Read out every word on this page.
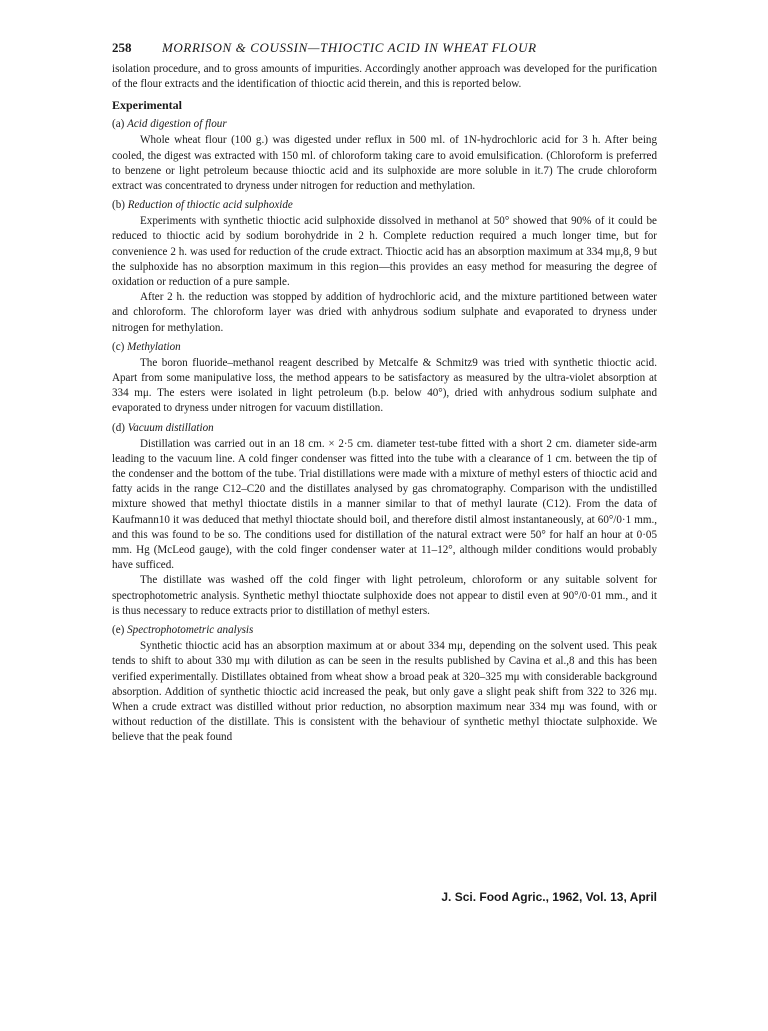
258	MORRISON & COUSSIN—THIOCTIC ACID IN WHEAT FLOUR

isolation procedure, and to gross amounts of impurities. Accordingly another approach was developed for the purification of the flour extracts and the identification of thioctic acid therein, and this is reported below.

Experimental
(a) Acid digestion of flour

Whole wheat flour (100 g.) was digested under reflux in 500 ml. of 1N-hydrochloric acid for 3 h. After being cooled, the digest was extracted with 150 ml. of chloroform taking care to avoid emulsification. (Chloroform is preferred to benzene or light petroleum because thioctic acid and its sulphoxide are more soluble in it.7) The crude chloroform extract was concentrated to dryness under nitrogen for reduction and methylation.

(b) Reduction of thioctic acid sulphoxide

Experiments with synthetic thioctic acid sulphoxide dissolved in methanol at 50° showed that 90% of it could be reduced to thioctic acid by sodium borohydride in 2 h. Complete reduction required a much longer time, but for convenience 2 h. was used for reduction of the crude extract. Thioctic acid has an absorption maximum at 334 mμ,8, 9 but the sulphoxide has no absorption maximum in this region—this provides an easy method for measuring the degree of oxidation or reduction of a pure sample.

After 2 h. the reduction was stopped by addition of hydrochloric acid, and the mixture partitioned between water and chloroform. The chloroform layer was dried with anhydrous sodium sulphate and evaporated to dryness under nitrogen for methylation.

(c) Methylation

The boron fluoride–methanol reagent described by Metcalfe & Schmitz9 was tried with synthetic thioctic acid. Apart from some manipulative loss, the method appears to be satisfactory as measured by the ultra-violet absorption at 334 mμ. The esters were isolated in light petroleum (b.p. below 40°), dried with anhydrous sodium sulphate and evaporated to dryness under nitrogen for vacuum distillation.

(d) Vacuum distillation

Distillation was carried out in an 18 cm. × 2·5 cm. diameter test-tube fitted with a short 2 cm. diameter side-arm leading to the vacuum line. A cold finger condenser was fitted into the tube with a clearance of 1 cm. between the tip of the condenser and the bottom of the tube. Trial distillations were made with a mixture of methyl esters of thioctic acid and fatty acids in the range C12–C20 and the distillates analysed by gas chromatography. Comparison with the undistilled mixture showed that methyl thioctate distils in a manner similar to that of methyl laurate (C12). From the data of Kaufmann10 it was deduced that methyl thioctate should boil, and therefore distil almost instantaneously, at 60°/0·1 mm., and this was found to be so. The conditions used for distillation of the natural extract were 50° for half an hour at 0·05 mm. Hg (McLeod gauge), with the cold finger condenser water at 11–12°, although milder conditions would probably have sufficed.

The distillate was washed off the cold finger with light petroleum, chloroform or any suitable solvent for spectrophotometric analysis. Synthetic methyl thioctate sulphoxide does not appear to distil even at 90°/0·01 mm., and it is thus necessary to reduce extracts prior to distillation of methyl esters.

(e) Spectrophotometric analysis

Synthetic thioctic acid has an absorption maximum at or about 334 mμ, depending on the solvent used. This peak tends to shift to about 330 mμ with dilution as can be seen in the results published by Cavina et al.,8 and this has been verified experimentally. Distillates obtained from wheat show a broad peak at 320–325 mμ with considerable background absorption. Addition of synthetic thioctic acid increased the peak, but only gave a slight peak shift from 322 to 326 mμ. When a crude extract was distilled without prior reduction, no absorption maximum near 334 mμ was found, with or without reduction of the distillate. This is consistent with the behaviour of synthetic methyl thioctate sulphoxide. We believe that the peak found

J. Sci. Food Agric., 1962, Vol. 13, April
